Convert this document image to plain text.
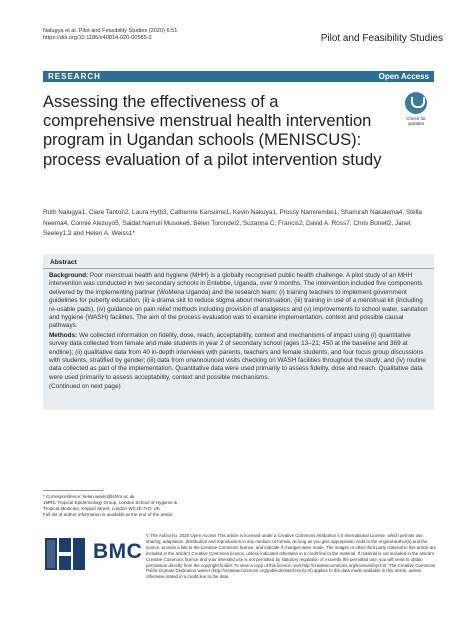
Nalugya et al. Pilot and Feasibility Studies (2020) 6:51
https://doi.org/10.1186/s40814-020-00585-2	Pilot and Feasibility Studies
RESEARCH	Open Access
Assessing the effectiveness of a comprehensive menstrual health intervention program in Ugandan schools (MENISCUS): process evaluation of a pilot intervention study
Check for
updates
Ruth Nalugya1, Clare Tanton2, Laura Hytti3, Catherine Kansiime1, Kevin Nakuya1, Prossy Namirembe1, Shamirah Nakalema4, Stella Neema4, Connie Alezuyo5, Saidat Namuli Musoke6, Belen Torondel2, Suzanna C. Francis2, David A. Ross7, Chris Bonell2, Janet Seeley1,2 and Helen A. Weiss1*
Abstract

Background: Poor menstrual health and hygiene (MHH) is a globally recognised public health challenge. A pilot study of an MHH intervention was conducted in two secondary schools in Entebbe, Uganda, over 9 months. The intervention included five components delivered by the implementing partner (WoMena Uganda) and the research team: (i) training teachers to implement government guidelines for puberty education, (ii) a drama skit to reduce stigma about menstruation, (iii) training in use of a menstrual kit (including re-usable pads), (iv) guidance on pain relief methods including provision of analgesics and (v) improvements to school water, sanitation and hygiene (WASH) facilities. The aim of the process evaluation was to examine implementation, context and possible causal pathways.

Methods: We collected information on fidelity, dose, reach, acceptability, context and mechanisms of impact using (i) quantitative survey data collected from female and male students in year 2 of secondary school (ages 13–21; 450 at the baseline and 369 at endline); (ii) qualitative data from 40 in-depth interviews with parents, teachers and female students, and four focus group discussions with students, stratified by gender; (iii) data from unannounced visits checking on WASH facilities throughout the study; and (iv) routine data collected as part of the implementation. Quantitative data were used primarily to assess fidelity, dose and reach. Qualitative data were used primarily to assess acceptability, context and possible mechanisms.

(Continued on next page)

* Correspondence: helen.weiss@lshtm.ac.uk
1MRC Tropical Epidemiology Group, London School of Hygiene & Tropical Medicine, Keppel Street, London WC1E 7HT, UK
Full list of author information is available at the end of the article
BMC
© The Author(s). 2020 Open Access This article is licensed under a Creative Commons Attribution 4.0 International License, which permits use, sharing, adaptation, distribution and reproduction in any medium or format, as long as you give appropriate credit to the original author(s) and the source, provide a link to the Creative Commons licence, and indicate if changes were made. The images or other third party material in this article are included in the article's Creative Commons licence, unless indicated otherwise in a credit line to the material. If material is not included in the article's Creative Commons licence and your intended use is not permitted by statutory regulation or exceeds the permitted use, you will need to obtain permission directly from the copyright holder. To view a copy of this licence, visit http://creativecommons.org/licenses/by/4.0/. The Creative Commons Public Domain Dedication waiver (http://creativecommons.org/publicdomain/zero/1.0/) applies to the data made available in this article, unless otherwise stated in a credit line to the data.
